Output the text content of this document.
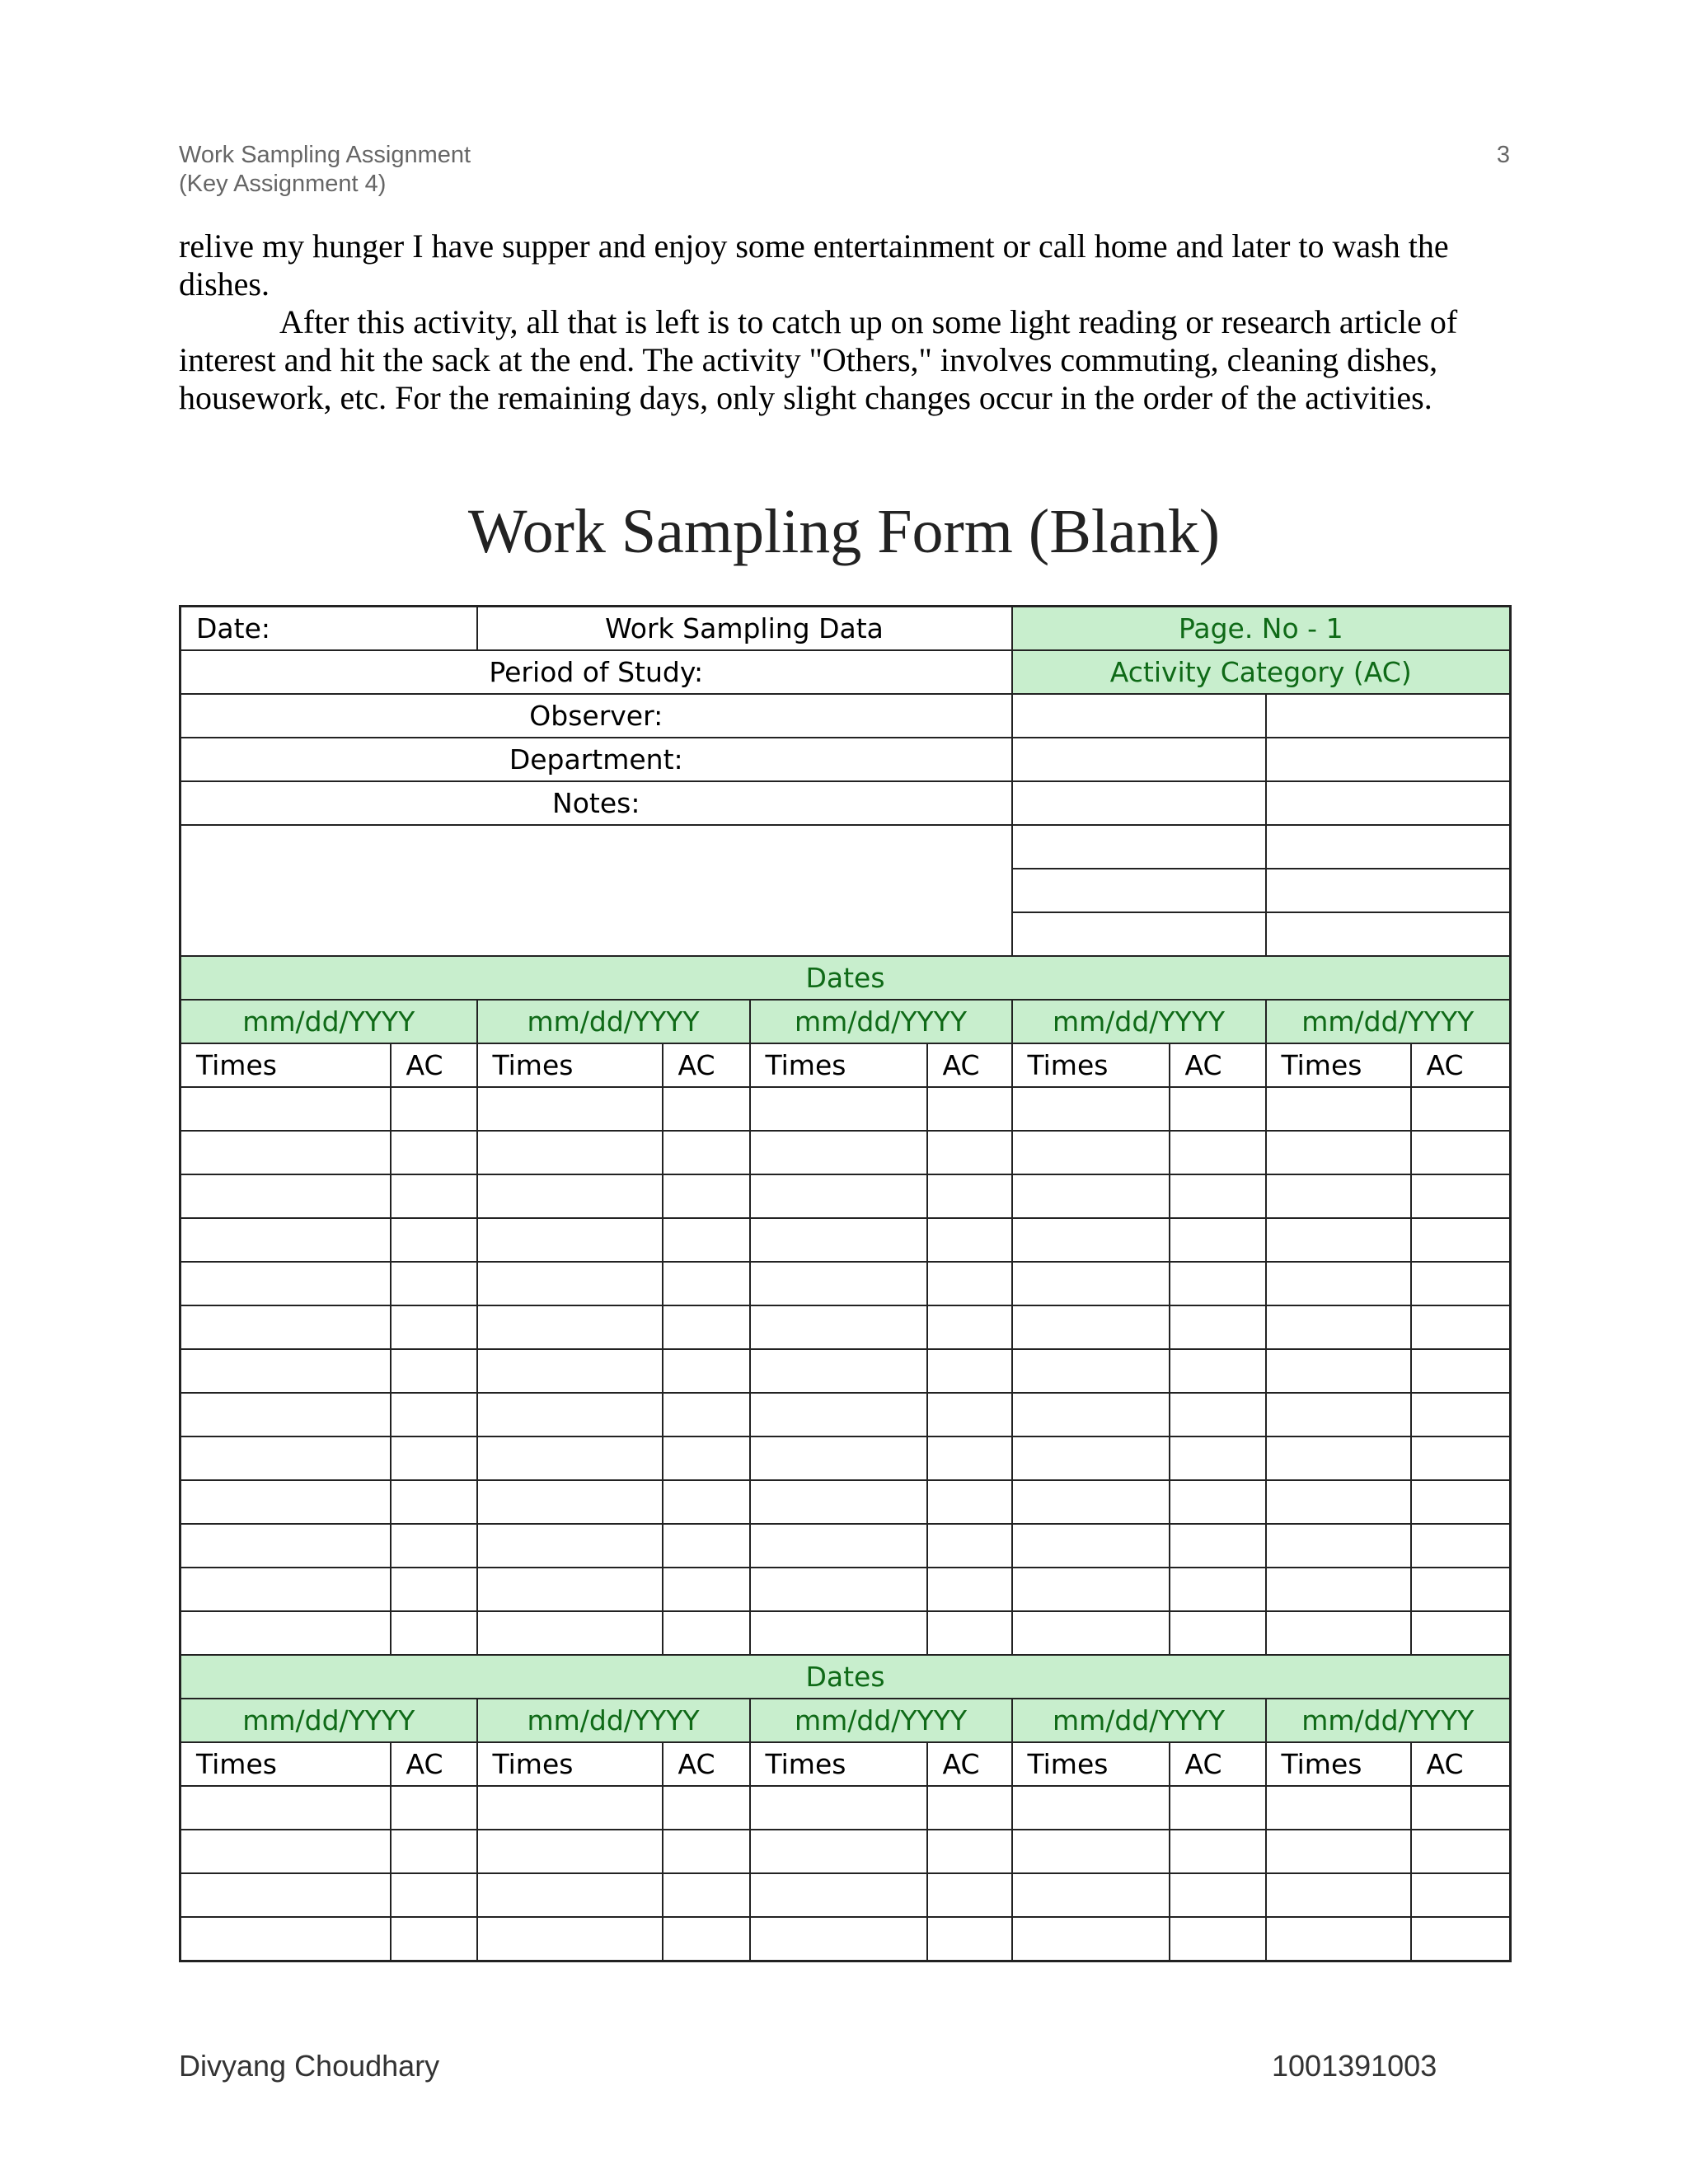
Work Sampling Assignment
(Key Assignment 4)
3

relive my hunger I have supper and enjoy some entertainment or call home and later to wash the dishes.

After this activity, all that is left is to catch up on some light reading or research article of interest and hit the sack at the end. The activity "Others," involves commuting, cleaning dishes, housework, etc. For the remaining days, only slight changes occur in the order of the activities.

Work Sampling Form (Blank)
Date:		Work Sampling Data				Page. No - 1			
Period of Study:						Activity Category (AC)			
Observer:									
Department:									
Notes:									

Dates									
mm/dd/YYYY		mm/dd/YYYY		mm/dd/YYYY		mm/dd/YYYY		mm/dd/YYYY	
Times	AC	Times	AC	Times	AC	Times	AC	Times	AC

Dates									
mm/dd/YYYY		mm/dd/YYYY		mm/dd/YYYY		mm/dd/YYYY		mm/dd/YYYY	
Times	AC	Times	AC	Times	AC	Times	AC	Times	AC

Divyang Choudhary	1001391003
